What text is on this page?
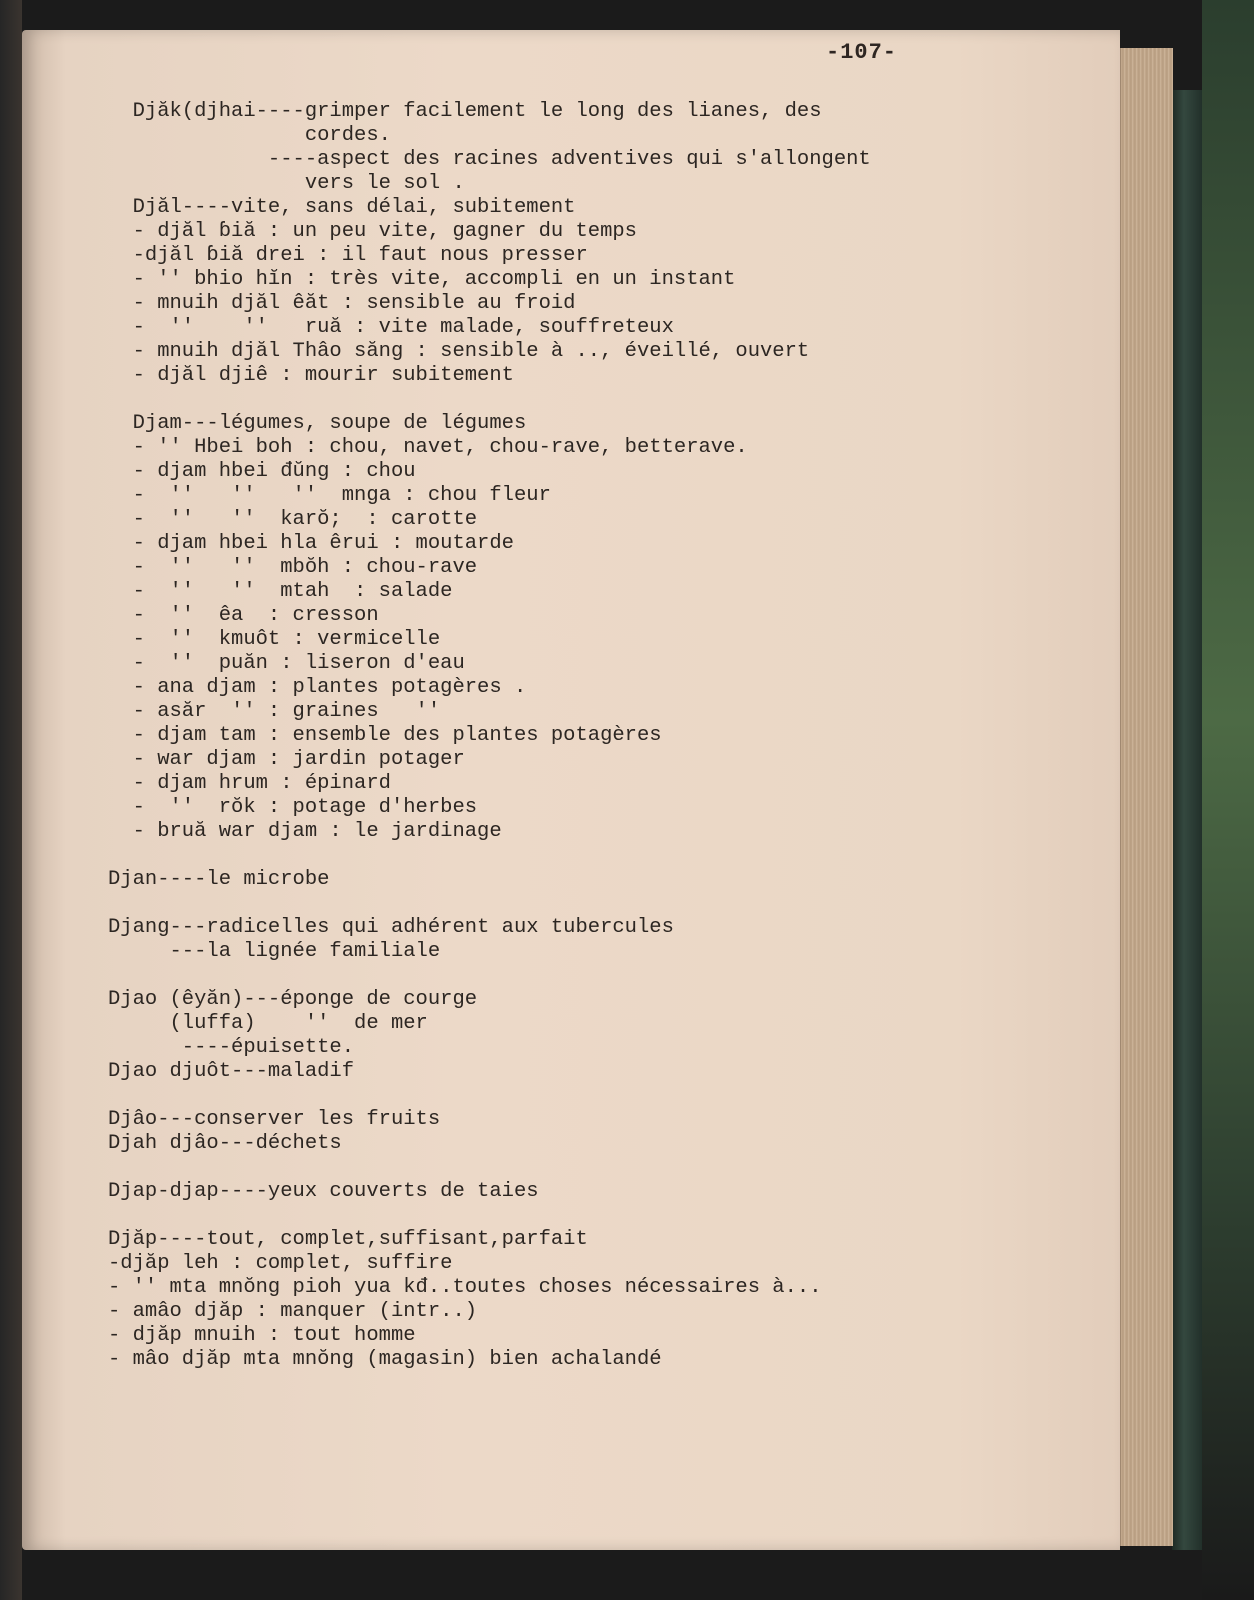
-107-
Djăk(djhai----grimper facilement le long des lianes, des
cordes.
----aspect des racines adventives qui s'allongent
vers le sol .
Djăl----vite, sans délai, subitement
- djăl ɓiă : un peu vite, gagner du temps
-djăl ɓiă drei : il faut nous presser
- '' bhio hĭn : très vite, accompli en un instant
- mnuih djăl êăt : sensible au froid
-  ''    ''   ruă : vite malade, souffreteux
- mnuih djăl Thâo săng : sensible à .., éveillé, ouvert
- djăl djiê : mourir subitement
Djam---légumes, soupe de légumes
- '' Hbei boh : chou, navet, chou-rave, betterave.
- djam hbei đŭng : chou
-  ''   ''   ''  mnga : chou fleur
-  ''   ''  karŏ;  : carotte
- djam hbei hla êrui : moutarde
-  ''   ''  mbŏh : chou-rave
-  ''   ''  mtah  : salade
-  ''  êa  : cresson
-  ''  kmuôt : vermicelle
-  ''  puăn : liseron d'eau
- ana djam : plantes potagères .
- asăr  '' : graines   ''
- djam tam : ensemble des plantes potagères
- war djam : jardin potager
- djam hrum : épinard
-  ''  rŏk : potage d'herbes
- bruă war djam : le jardinage
Djan----le microbe
Djang---radicelles qui adhérent aux tubercules
---la lignée familiale
Djao (êyăn)---éponge de courge
(luffa)    ''  de mer
----épuisette.
Djao djuôt---maladif
Djâo---conserver les fruits
Djah djâo---déchets
Djap-djap----yeux couverts de taies
Djăp----tout, complet,suffisant,parfait
-djăp leh : complet, suffire
- '' mta mnŏng pioh yua kđ..toutes choses nécessaires à...
- amâo djăp : manquer (intr..)
- djăp mnuih : tout homme
- mâo djăp mta mnŏng (magasin) bien achalandé
